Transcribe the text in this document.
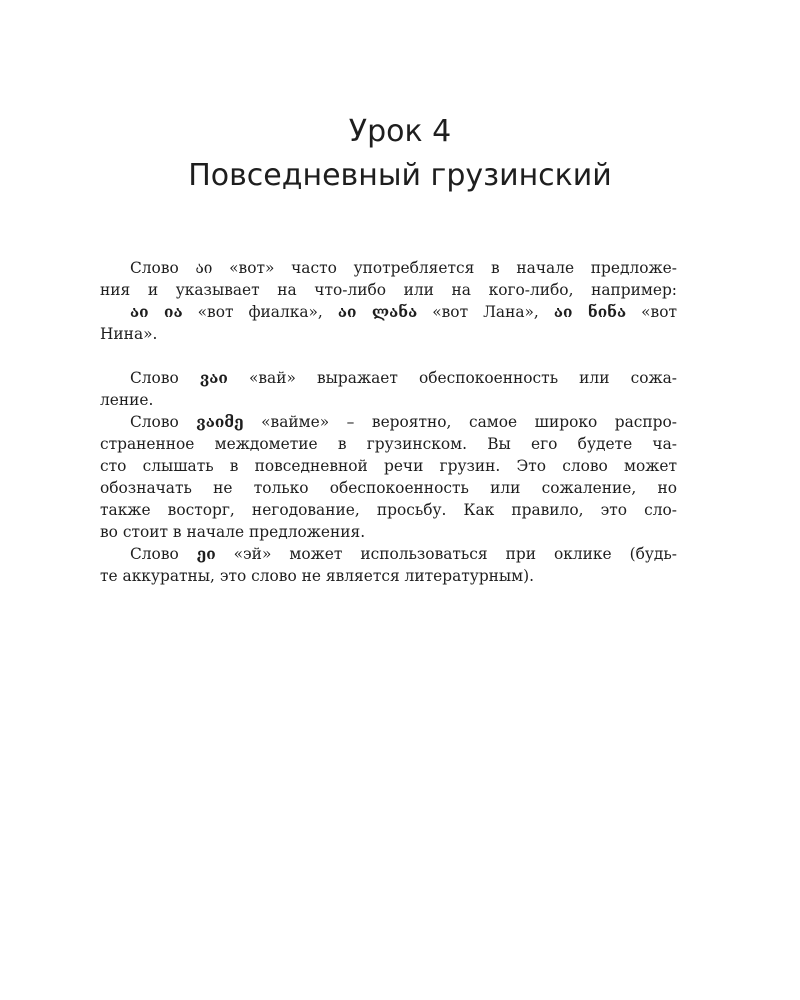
Урок 4
Повседневный грузинский
Слово აი «вот» часто употребляется в начале предложе-
ния и указывает на что-либо или на кого-либо, например:
აი ია «вот фиалка», აი ლანა «вот Лана», აი ნინა «вот
Нина».
Слово ვაი «вай» выражает обеспокоенность или сожа-
ление.
Слово ვაიმე «вайме» – вероятно, самое широко распро-
страненное междометие в грузинском. Вы его будете ча-
сто слышать в повседневной речи грузин. Это слово может
обозначать не только обеспокоенность или сожаление, но
также восторг, негодование, просьбу. Как правило, это сло-
во стоит в начале предложения.
Слово ეი «эй» может использоваться при оклике (будь-
те аккуратны, это слово не является литературным).
